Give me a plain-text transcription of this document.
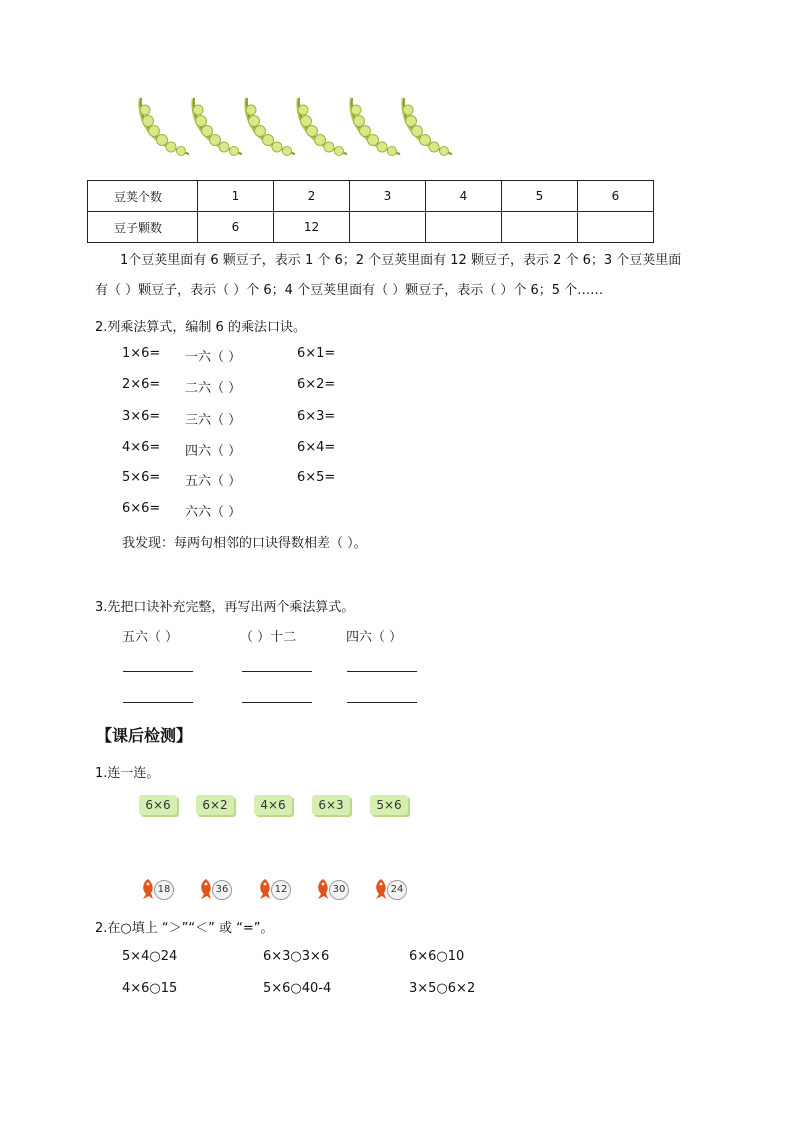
豆荚个数	1	2	3	4	5	6
豆子颗数	6	12				
1个豆荚里面有 6 颗豆子，表示 1 个 6；2 个豆荚里面有 12 颗豆子，表示 2 个 6；3 个豆荚里面
有（ ）颗豆子，表示（ ）个 6；4 个豆荚里面有（ ）颗豆子，表示（ ）个 6；5 个……
2.列乘法算式，编制 6 的乘法口诀。
1×6= 一六（ ）	6×1=
2×6= 二六（ ）	6×2=
3×6= 三六（ ）	6×3=
4×6= 四六（ ）	6×4=
5×6= 五六（ ）	6×5=
6×6= 六六（ ）
我发现：每两句相邻的口诀得数相差（ ）。
3.先把口诀补充完整，再写出两个乘法算式。
五六（ ）	（ ）十二	四六（ ）
【课后检测】
1.连一连。
6×6	6×2	4×6	6×3	5×6
18	36	12	30	24
2.在○填上 “＞”“＜” 或 “=”。
5×4○24	6×3○3×6	6×6○10
4×6○15	5×6○40-4	3×5○6×2
